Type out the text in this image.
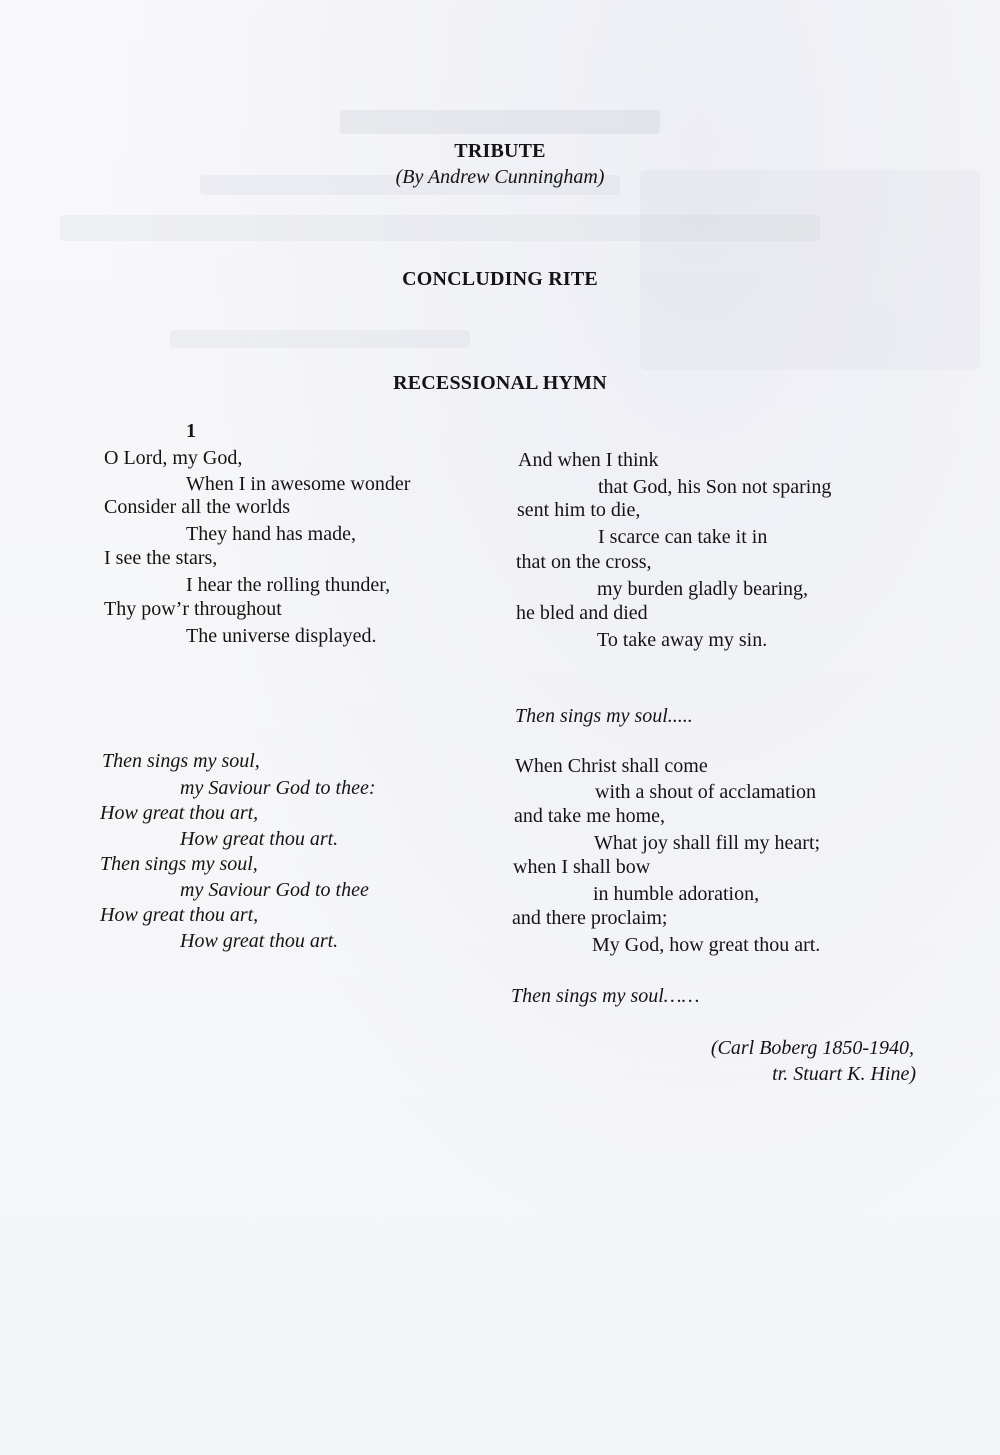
TRIBUTE
(By Andrew Cunningham)
CONCLUDING RITE
RECESSIONAL HYMN
1
O Lord, my God,
When I in awesome wonder
Consider all the worlds
They hand has made,
I see the stars,
I hear the rolling thunder,
Thy pow’r throughout
The universe displayed.
Then sings my soul,
my Saviour God to thee:
How great thou art,
How great thou art.
Then sings my soul,
my Saviour God to thee
How great thou art,
How great thou art.
And when I think
that God, his Son not sparing
sent him to die,
I scarce can take it in
that on the cross,
my burden gladly bearing,
he bled and died
To take away my sin.
Then sings my soul.....
When Christ shall come
with a shout of acclamation
and take me home,
What joy shall fill my heart;
when I shall bow
in humble adoration,
and there proclaim;
My God, how great thou art.
Then sings my soul……
(Carl Boberg 1850-1940,
tr. Stuart K. Hine)
